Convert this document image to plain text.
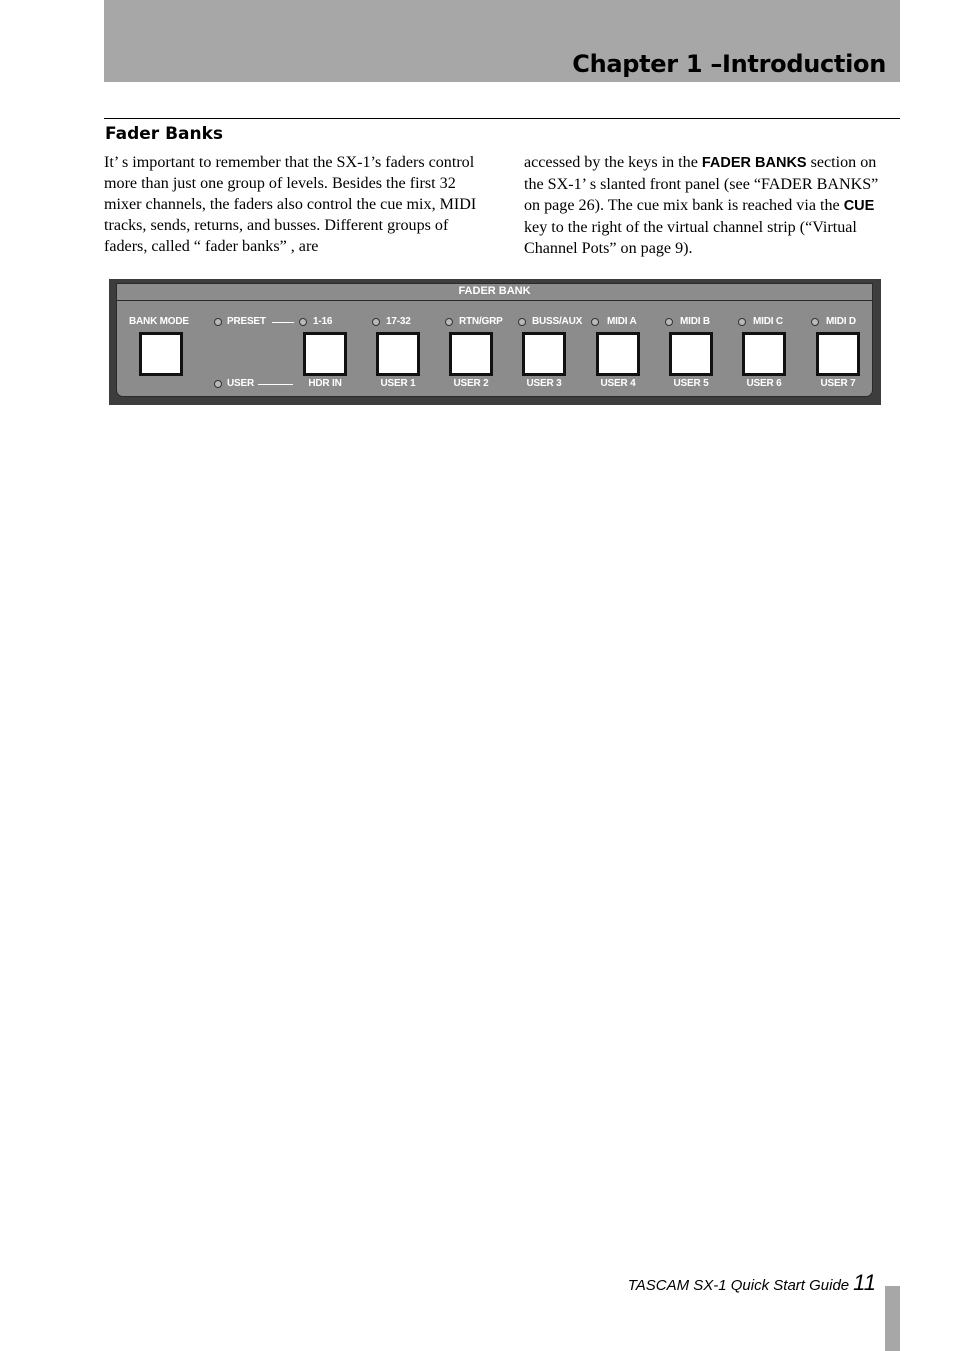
Chapter 1 –Introduction
Fader Banks

It’ s important to remember that the SX-1’s faders control more than just one group of levels. Besides the first 32 mixer channels, the faders also control the cue mix, MIDI tracks, sends, returns, and busses. Different groups of faders, called “ fader banks” , are

accessed by the keys in the FADER BANKS section on the SX-1’ s slanted front panel (see “FADER BANKS” on page 26). The cue mix bank is reached via the CUE key to the right of the virtual channel strip (“Virtual Channel Pots” on page 9).

FADER BANK
BANK MODE	PRESET
USER
1-16
HDR IN
17-32
USER 1
RTN/GRP
USER 2
BUSS/AUX
USER 3
MIDI A
USER 4
MIDI B
USER 5
MIDI C
USER 6
MIDI D
USER 7
TASCAM SX-1 Quick Start Guide 11
